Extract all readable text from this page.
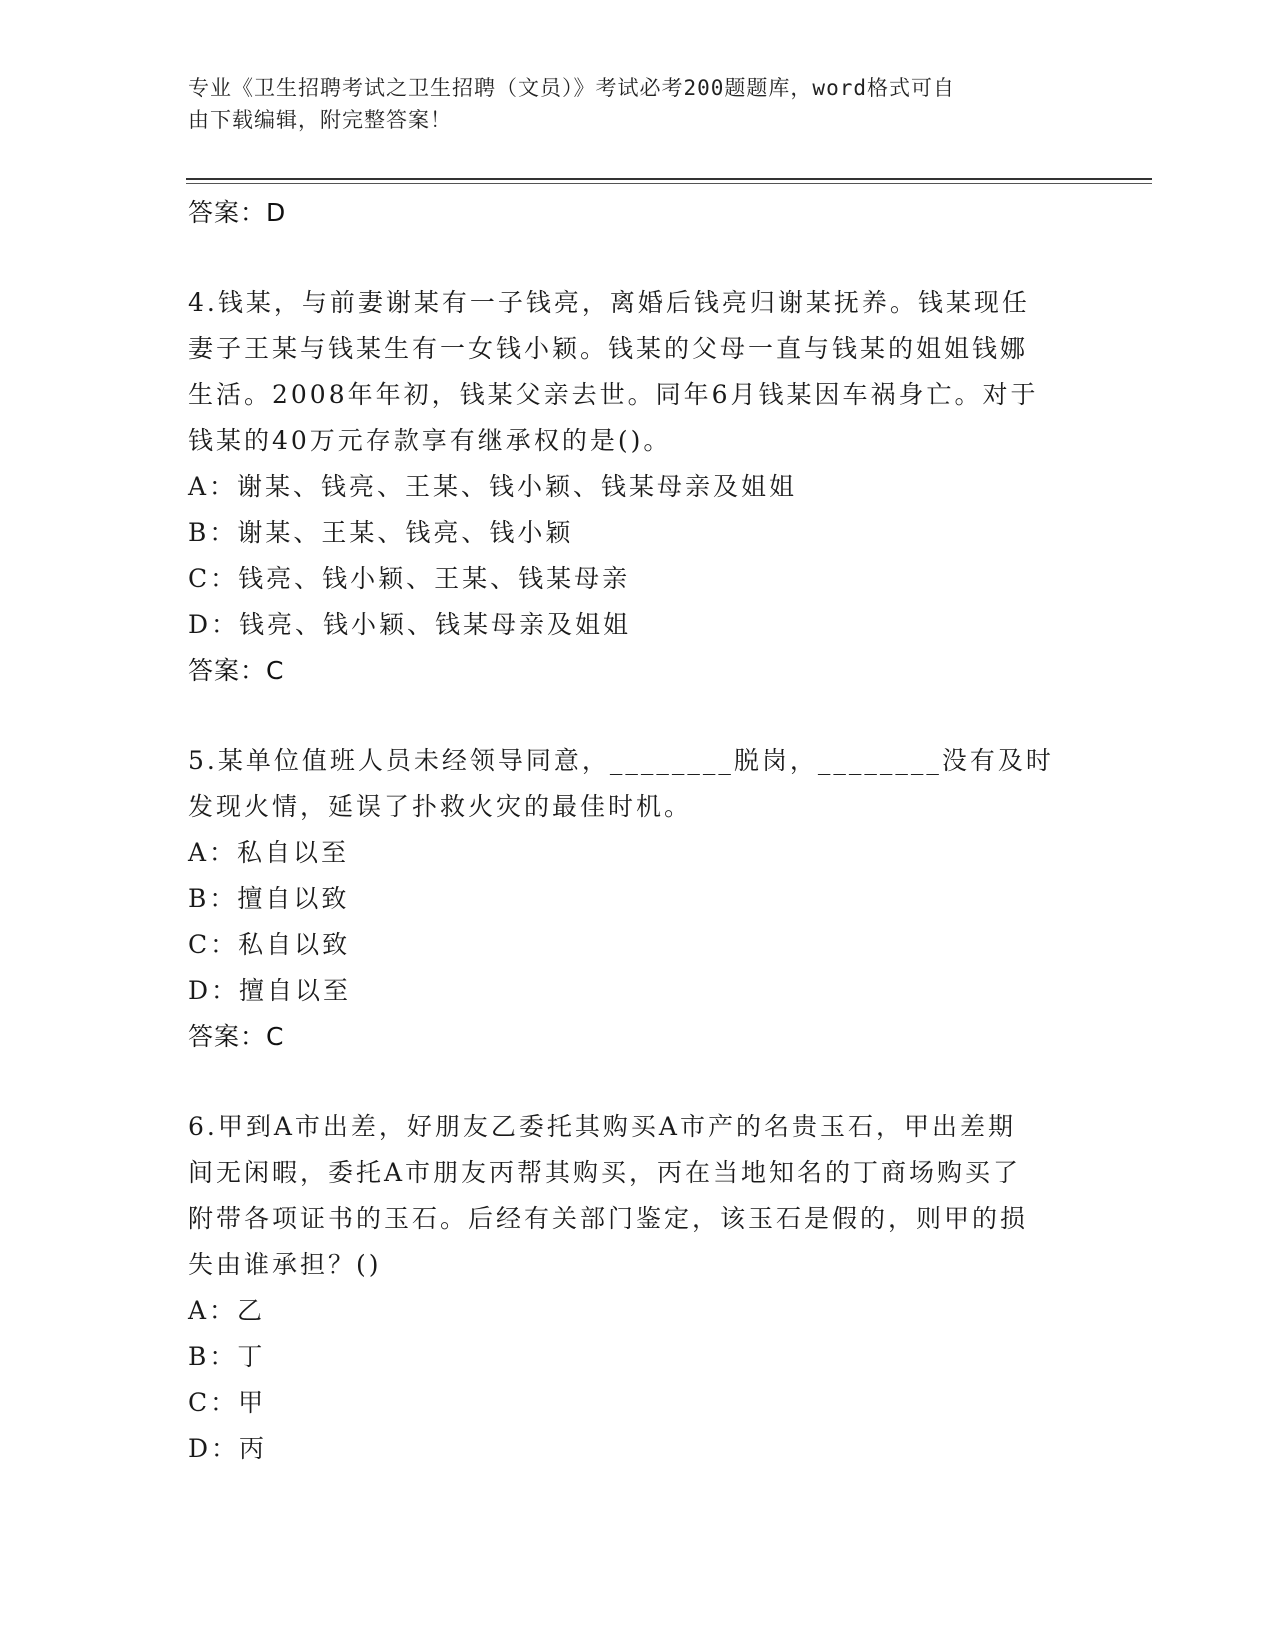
专业《卫生招聘考试之卫生招聘（文员）》考试必考200题题库，word格式可自
由下载编辑，附完整答案！
答案：D
4.钱某，与前妻谢某有一子钱亮，离婚后钱亮归谢某抚养。钱某现任
妻子王某与钱某生有一女钱小颖。钱某的父母一直与钱某的姐姐钱娜
生活。2008年年初，钱某父亲去世。同年6月钱某因车祸身亡。对于
钱某的40万元存款享有继承权的是()。
A：谢某、钱亮、王某、钱小颖、钱某母亲及姐姐
B：谢某、王某、钱亮、钱小颖
C：钱亮、钱小颖、王某、钱某母亲
D：钱亮、钱小颖、钱某母亲及姐姐
答案：C
5.某单位值班人员未经领导同意，________脱岗，________没有及时
发现火情，延误了扑救火灾的最佳时机。
A：私自以至
B：擅自以致
C：私自以致
D：擅自以至
答案：C
6.甲到A市出差，好朋友乙委托其购买A市产的名贵玉石，甲出差期
间无闲暇，委托A市朋友丙帮其购买，丙在当地知名的丁商场购买了
附带各项证书的玉石。后经有关部门鉴定，该玉石是假的，则甲的损
失由谁承担？()
A：乙
B：丁
C：甲
D：丙
